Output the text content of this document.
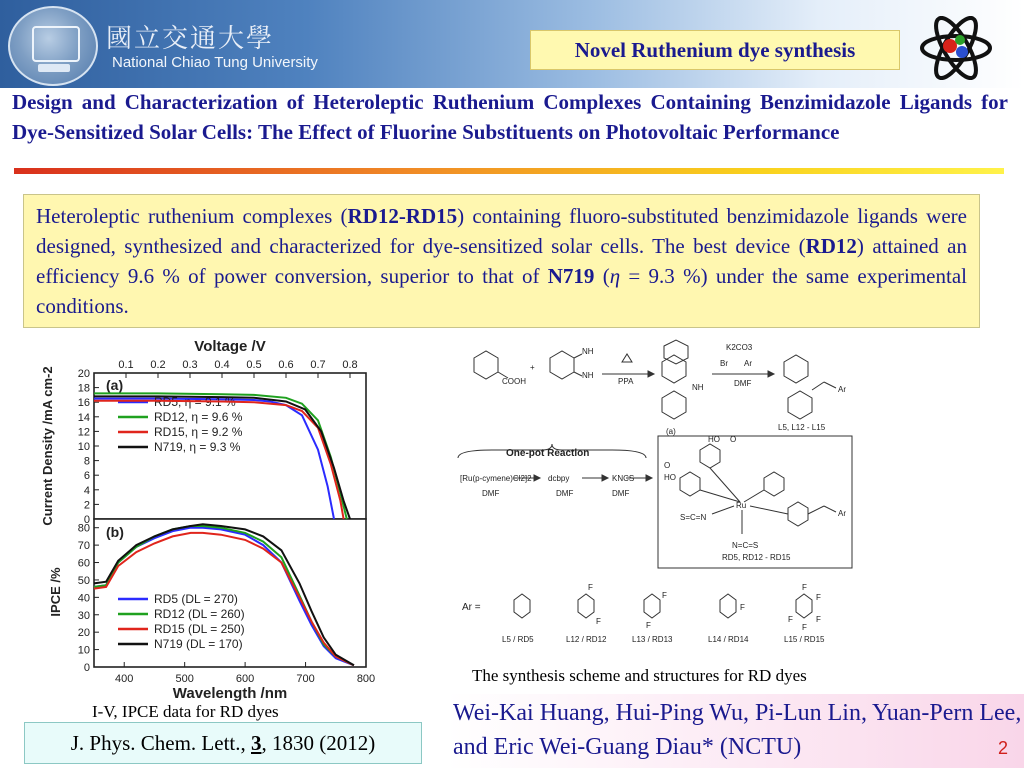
國立交通大學
National Chiao Tung University
Novel Ruthenium dye synthesis
Design and Characterization of Heteroleptic Ruthenium Complexes Containing Benzimidazole Ligands for Dye-Sensitized Solar Cells: The Effect of Fluorine Substituents on Photovoltaic Performance
Heteroleptic ruthenium complexes (RD12-RD15) containing fluoro-substituted benzimidazole ligands were designed, synthesized and characterized for dye-sensitized solar cells. The best device (RD12) attained an efficiency 9.6 % of power conversion, superior to that of N719 (η = 9.3 %) under the same experimental conditions.
Voltage /V
Wavelength /nm
Current Density /mA cm-2
IPCE /%
(a)
(b)
0
2
4
6
8
10
12
14
16
18
20
0.1 0.2 0.3 0.4 0.5 0.6 0.7 0.8
RD5, η = 9.1 %
RD12, η = 9.6 %
RD15, η = 9.2 %
N719, η = 9.3 %
0
10
20
30
40
50
60
70
80
400	500	600	700	800
RD5 (DL = 270)
RD12 (DL = 260)
RD15 (DL = 250)
N719 (DL = 170)
I-V, IPCE data for RD dyes
COOH
+
NH
NH
PPA
NH
(a)
K2CO3
Br Ar
DMF
Ar
L5, L12 - L15
One-pot Reaction
[Ru(p-cymene)Cl2]2 dcbpy	KNCS
DMF	DMF	DMF
HO O
O
HO
Ru
S=C=N
N=C=S
Ar
RD5, RD12 - RD15
Ar =
L5 / RD5	L12 / RD12	L13 / RD13	L14 / RD14	L15 / RD15
F
F
F
F
F
F
F
F
F
F
The synthesis scheme and structures for RD dyes
J. Phys. Chem. Lett., 3, 1830 (2012)
Wei-Kai Huang, Hui-Ping Wu, Pi-Lun Lin, Yuan-Pern Lee, and Eric Wei-Guang Diau* (NCTU)	2
